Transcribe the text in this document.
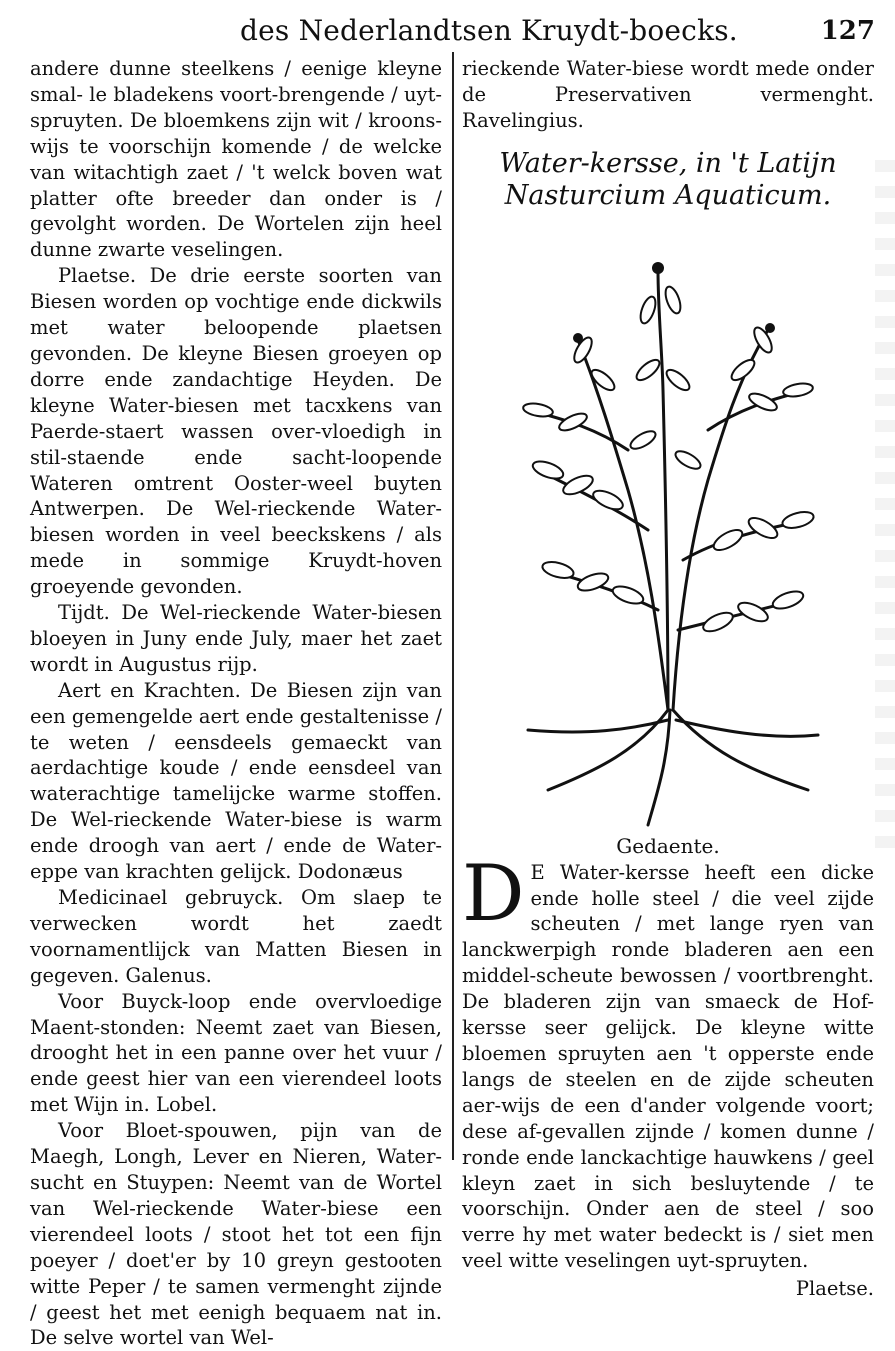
des Nederlandtsen Kruydt-boecks.	127

andere dunne steelkens / eenige kleyne smal- le bladekens voort-brengende / uyt-spruyten. De bloemkens zijn wit / kroons-wijs te voorschijn komende / de welcke van witachtigh zaet / 't welck boven wat platter ofte breeder dan onder is / gevolght worden. De Wortelen zijn heel dunne zwarte veselingen.

Plaetse. De drie eerste soorten van Biesen worden op vochtige ende dickwils met water beloopende plaetsen gevonden. De kleyne Biesen groeyen op dorre ende zandachtige Heyden. De kleyne Water-biesen met tacxkens van Paerde-staert wassen over-vloedigh in stil-staende ende sacht-loopende Wateren omtrent Ooster-weel buyten Antwerpen. De Wel-rieckende Water-biesen worden in veel beeckskens / als mede in sommige Kruydt-hoven groeyende gevonden.

Tijdt. De Wel-rieckende Water-biesen bloeyen in Juny ende July, maer het zaet wordt in Augustus rijp.

Aert en Krachten. De Biesen zijn van een gemengelde aert ende gestaltenisse / te weten / eensdeels gemaeckt van aerdachtige koude / ende eensdeel van waterachtige tamelijcke warme stoffen. De Wel-rieckende Water-biese is warm ende droogh van aert / ende de Water-eppe van krachten gelijck. Dodonæus

Medicinael gebruyck. Om slaep te verwecken wordt het zaedt voornamentlijck van Matten Biesen in gegeven. Galenus.

Voor Buyck-loop ende overvloedige Maent-stonden: Neemt zaet van Biesen, drooght het in een panne over het vuur / ende geest hier van een vierendeel loots met Wijn in. Lobel.

Voor Bloet-spouwen, pijn van de Maegh, Longh, Lever en Nieren, Water-sucht en Stuypen: Neemt van de Wortel van Wel-rieckende Water-biese een vierendeel loots / stoot het tot een fijn poeyer / doet'er by 10 greyn gestooten witte Peper / te samen vermenght zijnde / geest het met eenigh bequaem nat in. De selve wortel van Wel-

rieckende Water-biese wordt mede onder de Preservativen vermenght. Ravelingius.

Water-kersse, in 't Latijn Nasturcium Aquaticum.
Gedaente.

D E Water-kersse heeft een dicke ende holle steel / die veel zijde scheuten / met lange ryen van lanckwerpigh ronde bladeren aen een middel-scheute bewossen / voortbrenght. De bladeren zijn van smaeck de Hof-kersse seer gelijck. De kleyne witte bloemen spruyten aen 't opperste ende langs de steelen en de zijde scheuten aer-wijs de een d'ander volgende voort; dese af-gevallen zijnde / komen dunne / ronde ende lanckachtige hauwkens / geel kleyn zaet in sich besluytende / te voorschijn. Onder aen de steel / soo verre hy met water bedeckt is / siet men veel witte veselingen uyt-spruyten.

Plaetse.
